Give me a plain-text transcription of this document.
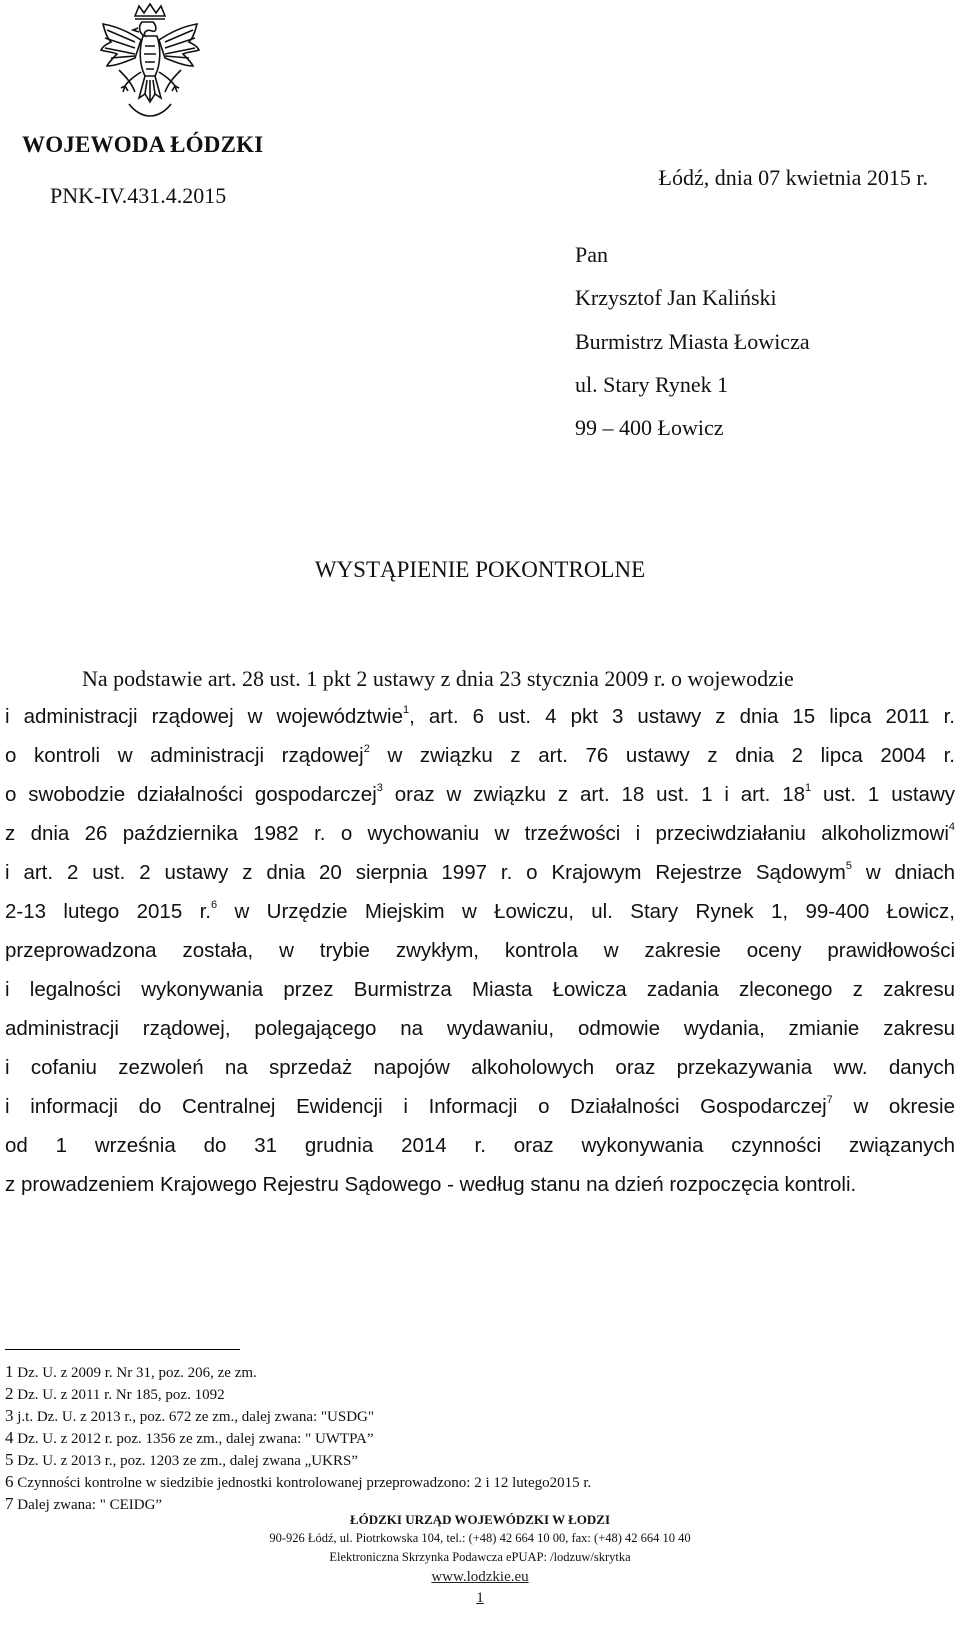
WOJEWODA ŁÓDZKI
PNK-IV.431.4.2015
Łódź, dnia 07 kwietnia 2015 r.
Pan
Krzysztof Jan Kaliński
Burmistrz Miasta Łowicza
ul. Stary Rynek 1
99 – 400 Łowicz
WYSTĄPIENIE POKONTROLNE
Na podstawie art. 28 ust. 1 pkt 2 ustawy z dnia 23 stycznia 2009 r. o wojewodzie
i administracji rządowej w województwie$^1$, art. 6 ust. 4 pkt 3 ustawy z dnia 15 lipca 2011 r.
o kontroli w administracji rządowej$^2$ w związku z art. 76 ustawy z dnia 2 lipca 2004 r.
o swobodzie działalności gospodarczej$^3$ oraz w związku z art. 18 ust. 1 i art. $18^1$ ust. 1 ustawy
z dnia 26 października 1982 r. o wychowaniu w trzeźwości i przeciwdziałaniu alkoholizmowi$^4$
i art. 2 ust. 2 ustawy z dnia 20 sierpnia 1997 r. o Krajowym Rejestrze Sądowym$^5$ w dniach
2-13 lutego 2015 r.$^6$ w Urzędzie Miejskim w Łowiczu, ul. Stary Rynek 1, 99-400 Łowicz,
przeprowadzona została, w trybie zwykłym, kontrola w zakresie oceny prawidłowości
i legalności wykonywania przez Burmistrza Miasta Łowicza zadania zleconego z zakresu
administracji rządowej, polegającego na wydawaniu, odmowie wydania, zmianie zakresu
i cofaniu zezwoleń na sprzedaż napojów alkoholowych oraz przekazywania ww. danych
i informacji do Centralnej Ewidencji i Informacji o Działalności Gospodarczej$^7$ w okresie
od 1 września do 31 grudnia 2014 r. oraz wykonywania czynności związanych
z prowadzeniem Krajowego Rejestru Sądowego - według stanu na dzień rozpoczęcia kontroli.
1 Dz. U. z 2009 r. Nr 31, poz. 206, ze zm.
2 Dz. U. z 2011 r. Nr 185, poz. 1092
3 j.t. Dz. U. z 2013 r., poz. 672 ze zm., dalej zwana: "USDG"
4 Dz. U. z 2012 r. poz. 1356 ze zm., dalej zwana: " UWTPA”
5 Dz. U. z 2013 r., poz. 1203 ze zm., dalej zwana „UKRS”
6 Czynności kontrolne w siedzibie jednostki kontrolowanej przeprowadzono: 2 i 12 lutego2015 r.
7 Dalej zwana: " CEIDG”
ŁÓDZKI URZĄD WOJEWÓDZKI W ŁODZI
90-926 Łódź, ul. Piotrkowska 104, tel.: (+48) 42 664 10 00, fax: (+48) 42 664 10 40
Elektroniczna Skrzynka Podawcza ePUAP: /lodzuw/skrytka
www.lodzkie.eu
1
